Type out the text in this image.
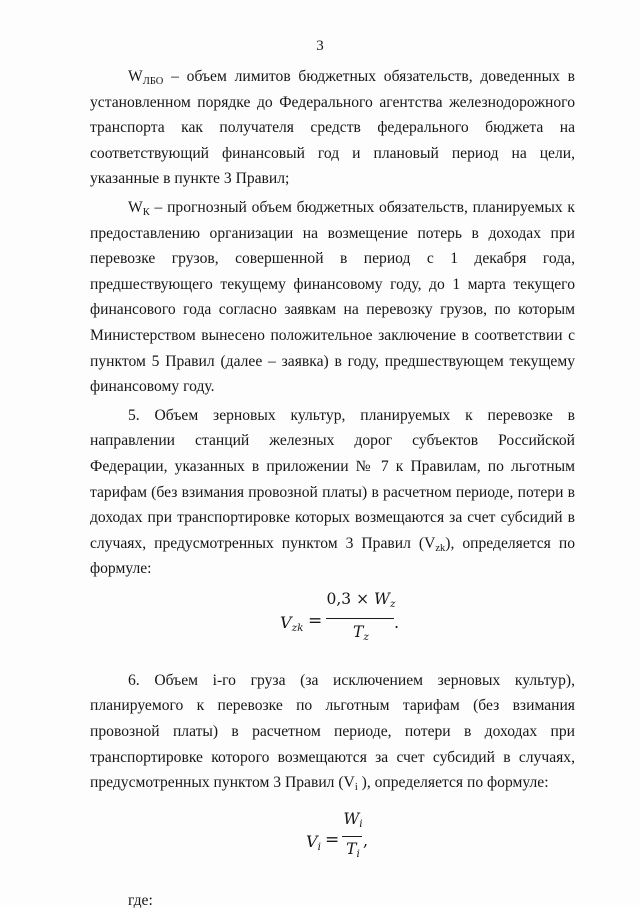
3

$W_{ЛБО}$ – объем лимитов бюджетных обязательств, доведенных в установленном порядке до Федерального агентства железнодорожного транспорта как получателя средств федерального бюджета на соответствующий финансовый год и плановый период на цели, указанные в пункте 3 Правил;

$W_К$ – прогнозный объем бюджетных обязательств, планируемых к предоставлению организации на возмещение потерь в доходах при перевозке грузов, совершенной в период с 1 декабря года, предшествующего текущему финансовому году, до 1 марта текущего финансового года согласно заявкам на перевозку грузов, по которым Министерством вынесено положительное заключение в соответствии с пунктом 5 Правил (далее – заявка) в году, предшествующем текущему финансовому году.

5. Объем зерновых культур, планируемых к перевозке в направлении станций железных дорог субъектов Российской Федерации, указанных в приложении № 7 к Правилам, по льготным тарифам (без взимания провозной платы) в расчетном периоде, потери в доходах при транспортировке которых возмещаются за счет субсидий в случаях, предусмотренных пунктом 3 Правил $(V_{zk})$, определяется по формуле:

$V_{zk}$ =
$0,3 \times W_z$
$T_z$
.

6. Объем i-го груза (за исключением зерновых культур), планируемого к перевозке по льготным тарифам (без взимания провозной платы) в расчетном периоде, потери в доходах при транспортировке которого возмещаются за счет субсидий в случаях, предусмотренных пунктом 3 Правил ($V_i$ ), определяется по формуле:

$V_i$ =
$W_i$
$T_i$
,
где:
